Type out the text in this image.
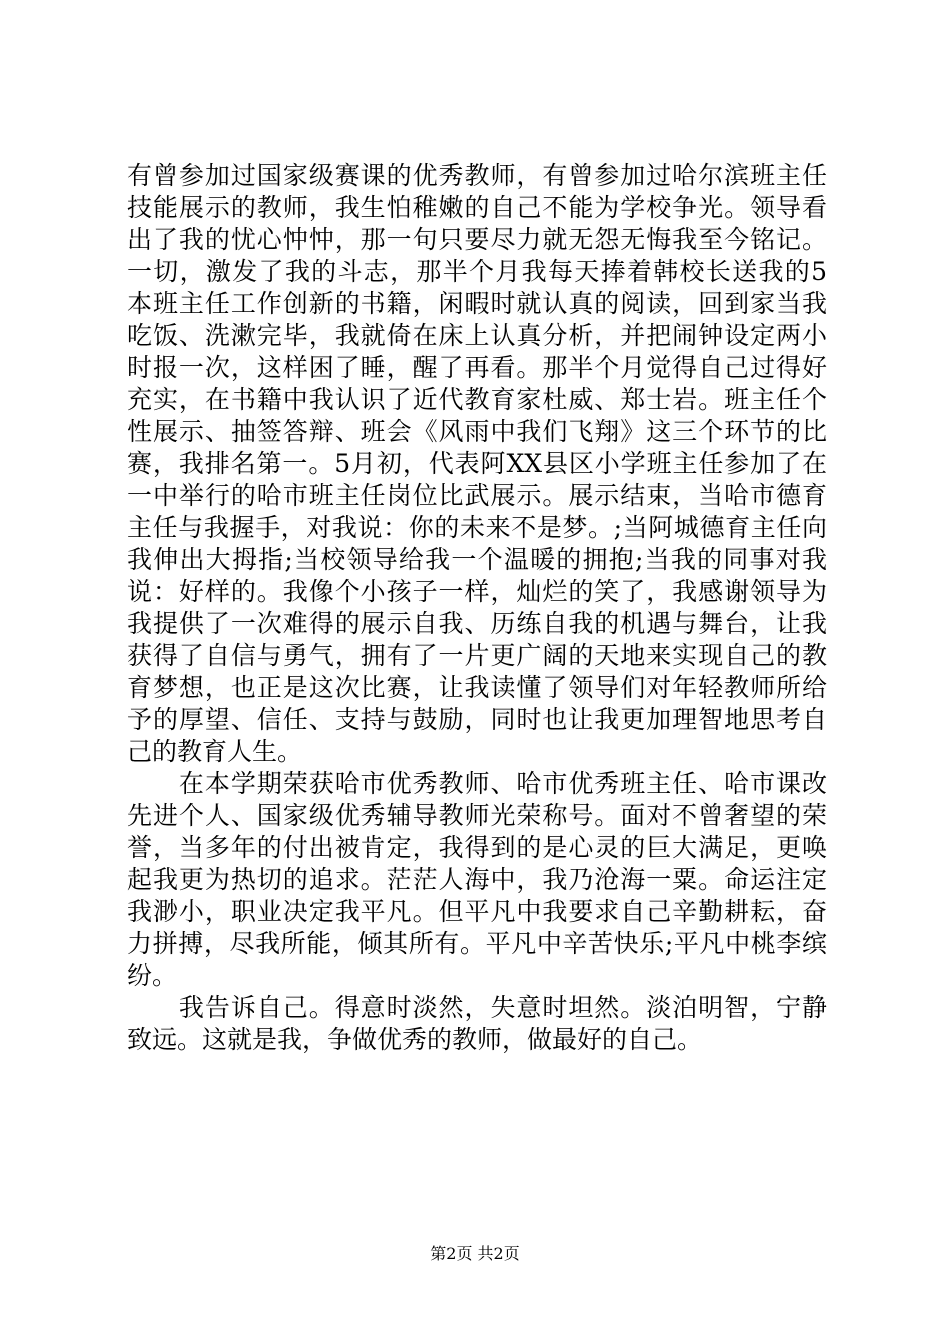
有曾参加过国家级赛课的优秀教师，有曾参加过哈尔滨班主任
技能展示的教师，我生怕稚嫩的自己不能为学校争光。领导看
出了我的忧心忡忡，那一句只要尽力就无怨无悔我至今铭记。
一切，激发了我的斗志，那半个月我每天捧着韩校长送我的5
本班主任工作创新的书籍，闲暇时就认真的阅读，回到家当我
吃饭、洗漱完毕，我就倚在床上认真分析，并把闹钟设定两小
时报一次，这样困了睡，醒了再看。那半个月觉得自己过得好
充实，在书籍中我认识了近代教育家杜威、郑士岩。班主任个
性展示、抽签答辩、班会《风雨中我们飞翔》这三个环节的比
赛，我排名第一。5月初，代表阿XX县区小学班主任参加了在
一中举行的哈市班主任岗位比武展示。展示结束，当哈市德育
主任与我握手，对我说：你的未来不是梦。;当阿城德育主任向
我伸出大拇指;当校领导给我一个温暖的拥抱;当我的同事对我
说：好样的。我像个小孩子一样，灿烂的笑了，我感谢领导为
我提供了一次难得的展示自我、历练自我的机遇与舞台，让我
获得了自信与勇气，拥有了一片更广阔的天地来实现自己的教
育梦想，也正是这次比赛，让我读懂了领导们对年轻教师所给
予的厚望、信任、支持与鼓励，同时也让我更加理智地思考自
己的教育人生。
　　在本学期荣获哈市优秀教师、哈市优秀班主任、哈市课改
先进个人、国家级优秀辅导教师光荣称号。面对不曾奢望的荣
誉，当多年的付出被肯定，我得到的是心灵的巨大满足，更唤
起我更为热切的追求。茫茫人海中，我乃沧海一粟。命运注定
我渺小，职业决定我平凡。但平凡中我要求自己辛勤耕耘，奋
力拼搏，尽我所能，倾其所有。平凡中辛苦快乐;平凡中桃李缤
纷。
　　我告诉自己。得意时淡然，失意时坦然。淡泊明智，宁静
致远。这就是我，争做优秀的教师，做最好的自己。
第2页 共2页
